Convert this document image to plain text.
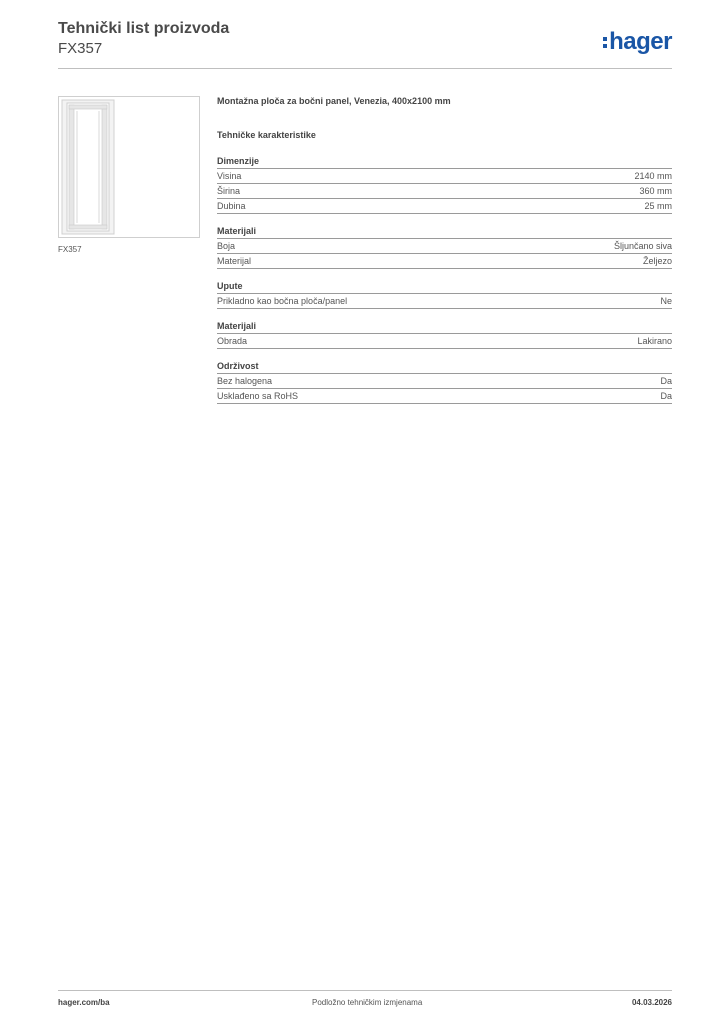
Tehnički list proizvoda
FX357	hager
FX357
Montažna ploča za bočni panel, Venezia, 400x2100 mm
Tehničke karakteristike
Dimenzije
Visina	2140 mm
Širina	360 mm
Dubina	25 mm
Materijali
Boja	Šljunčano siva
Materijal	Željezo
Upute
Prikladno kao bočna ploča/panel	Ne
Materijali
Obrada	Lakirano
Održivost
Bez halogena	Da
Usklađeno sa RoHS	Da
hager.com/ba	Podložno tehničkim izmjenama	04.03.2026
